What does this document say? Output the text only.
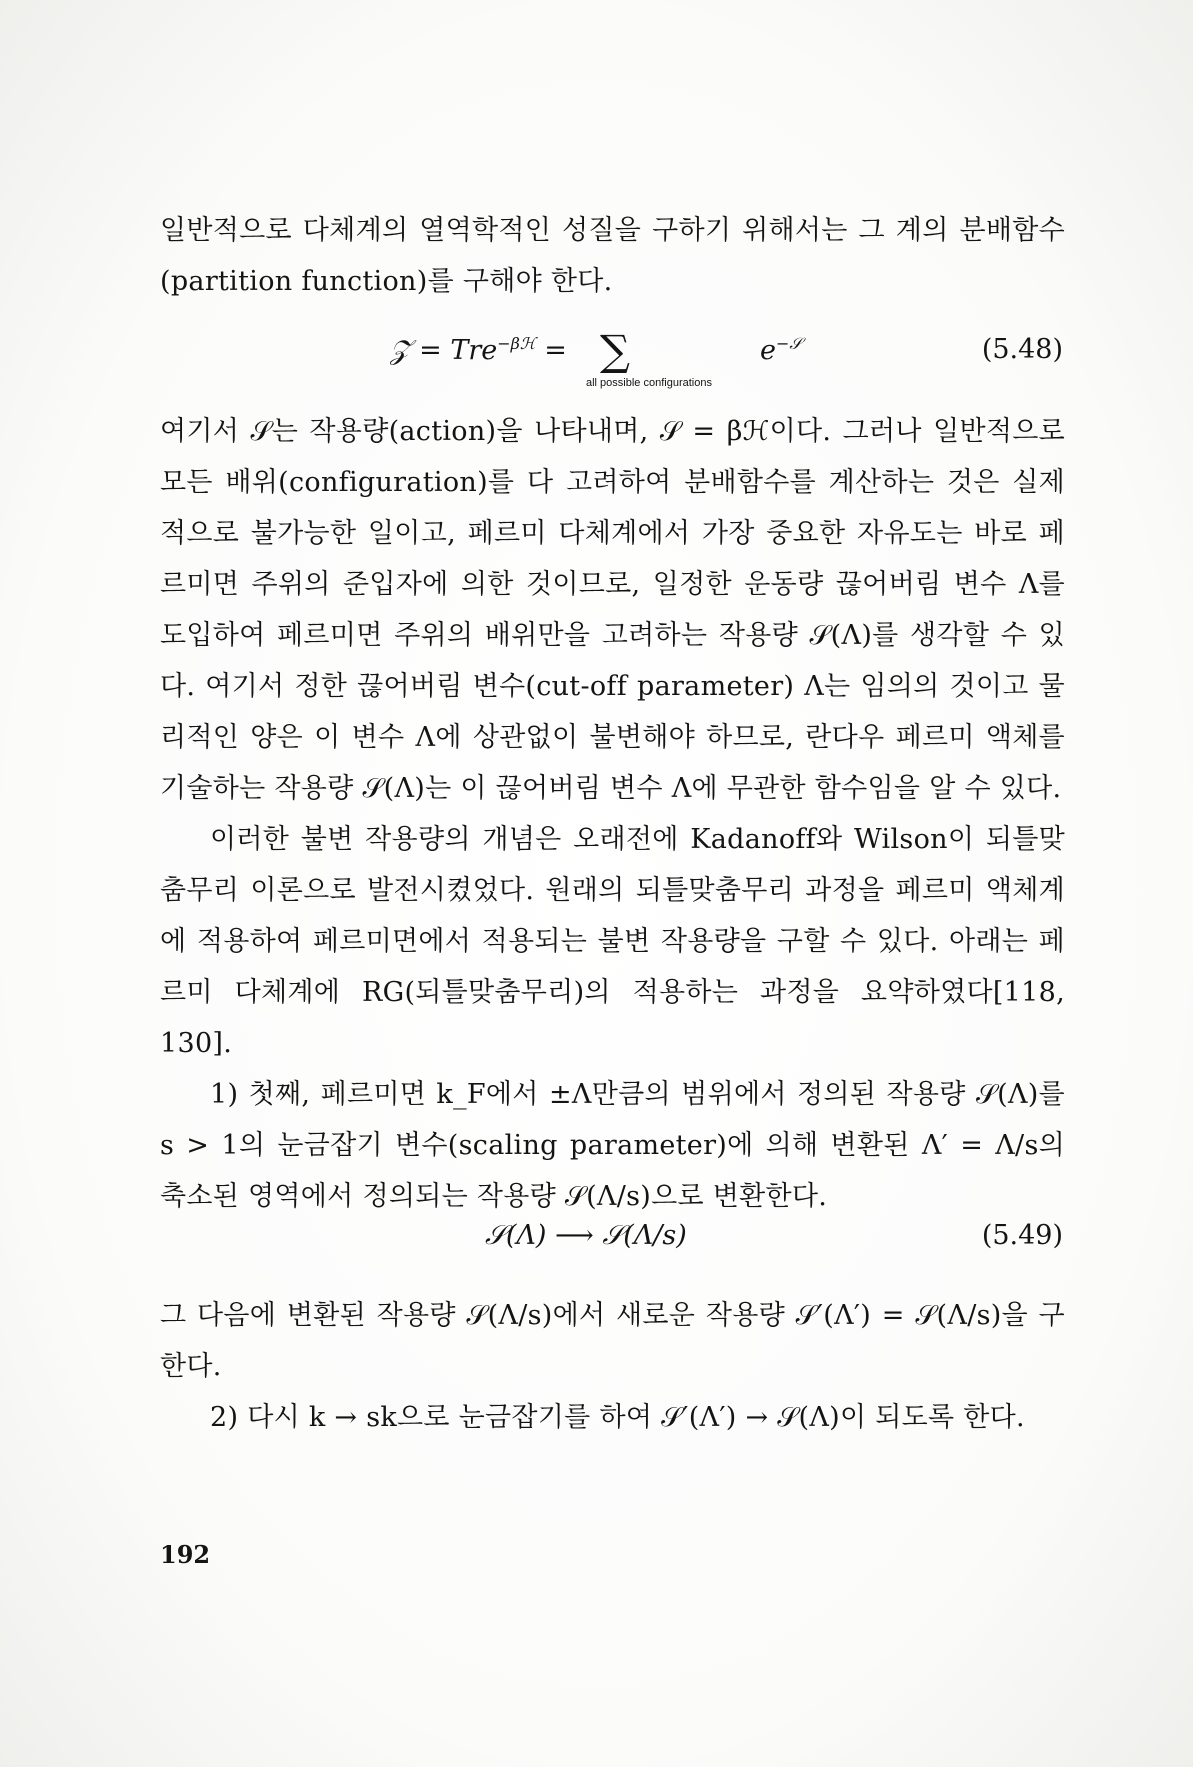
일반적으로 다체계의 열역학적인 성질을 구하기 위해서는 그 계의 분배함수(partition function)를 구해야 한다.

𝒵 = Tre$^{-\beta ℋ}$ = ∑	$e^{-𝒮}$
all possible configurations
(5.48)

여기서 𝒮는 작용량(action)을 나타내며, 𝒮 = βℋ이다. 그러나 일반적으로 모든 배위(configuration)를 다 고려하여 분배함수를 계산하는 것은 실제적으로 불가능한 일이고, 페르미 다체계에서 가장 중요한 자유도는 바로 페르미면 주위의 준입자에 의한 것이므로, 일정한 운동량 끊어버림 변수 Λ를 도입하여 페르미면 주위의 배위만을 고려하는 작용량 𝒮(Λ)를 생각할 수 있다. 여기서 정한 끊어버림 변수(cut-off parameter) Λ는 임의의 것이고 물리적인 양은 이 변수 Λ에 상관없이 불변해야 하므로, 란다우 페르미 액체를 기술하는 작용량 𝒮(Λ)는 이 끊어버림 변수 Λ에 무관한 함수임을 알 수 있다.

이러한 불변 작용량의 개념은 오래전에 Kadanoff와 Wilson이 되틀맞춤무리 이론으로 발전시켰었다. 원래의 되틀맞춤무리 과정을 페르미 액체계에 적용하여 페르미면에서 적용되는 불변 작용량을 구할 수 있다. 아래는 페르미 다체계에 RG(되틀맞춤무리)의 적용하는 과정을 요약하였다[118, 130].

1) 첫째, 페르미면 k_F에서 ±Λ만큼의 범위에서 정의된 작용량 𝒮(Λ)를 s > 1의 눈금잡기 변수(scaling parameter)에 의해 변환된 Λ′ = Λ/s의 축소된 영역에서 정의되는 작용량 𝒮(Λ/s)으로 변환한다.

𝒮(Λ) ⟶ 𝒮(Λ/s)	(5.49)

그 다음에 변환된 작용량 𝒮(Λ/s)에서 새로운 작용량 𝒮′(Λ′) = 𝒮(Λ/s)을 구한다.

2) 다시 k → sk으로 눈금잡기를 하여 𝒮′(Λ′) → 𝒮(Λ)이 되도록 한다.

192
